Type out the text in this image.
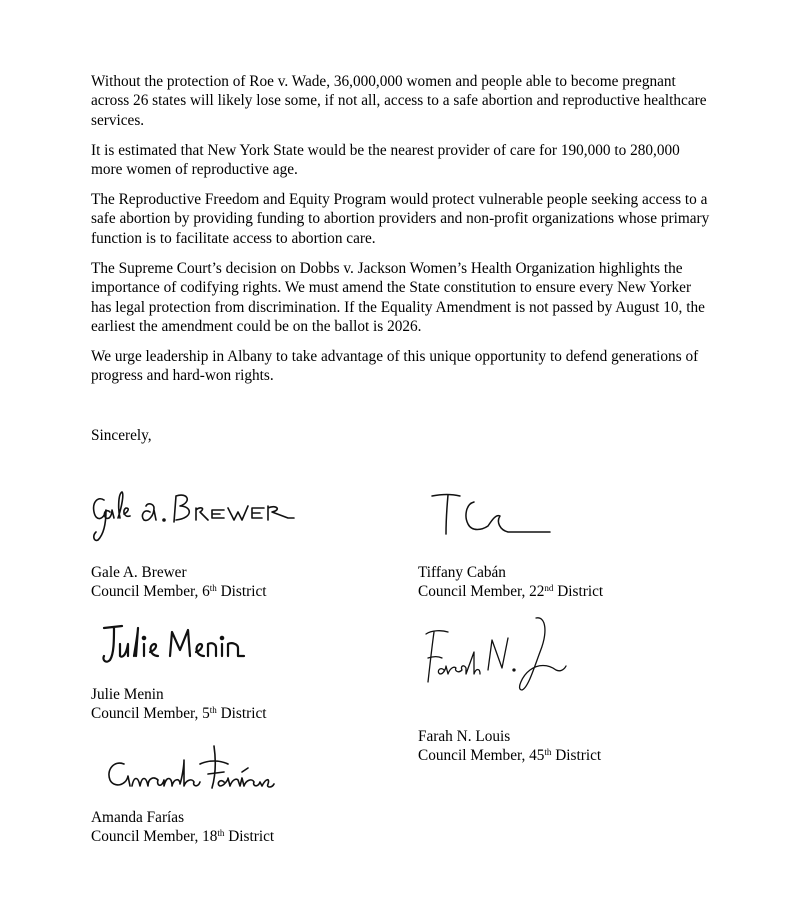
Without the protection of Roe v. Wade, 36,000,000 women and people able to become pregnant across 26 states will likely lose some, if not all, access to a safe abortion and reproductive healthcare services.

It is estimated that New York State would be the nearest provider of care for 190,000 to 280,000 more women of reproductive age.

The Reproductive Freedom and Equity Program would protect vulnerable people seeking access to a safe abortion by providing funding to abortion providers and non-profit organizations whose primary function is to facilitate access to abortion care.

The Supreme Court’s decision on Dobbs v. Jackson Women’s Health Organization highlights the importance of codifying rights. We must amend the State constitution to ensure every New Yorker has legal protection from discrimination. If the Equality Amendment is not passed by August 10, the earliest the amendment could be on the ballot is 2026.

We urge leadership in Albany to take advantage of this unique opportunity to defend generations of progress and hard-won rights.

Sincerely,

Gale A. Brewer
Council Member, 6th District
Tiffany Cabán
Council Member, 22nd District
Julie Menin
Council Member, 5th District
Farah N. Louis
Council Member, 45th District
Amanda Farías
Council Member, 18th District
